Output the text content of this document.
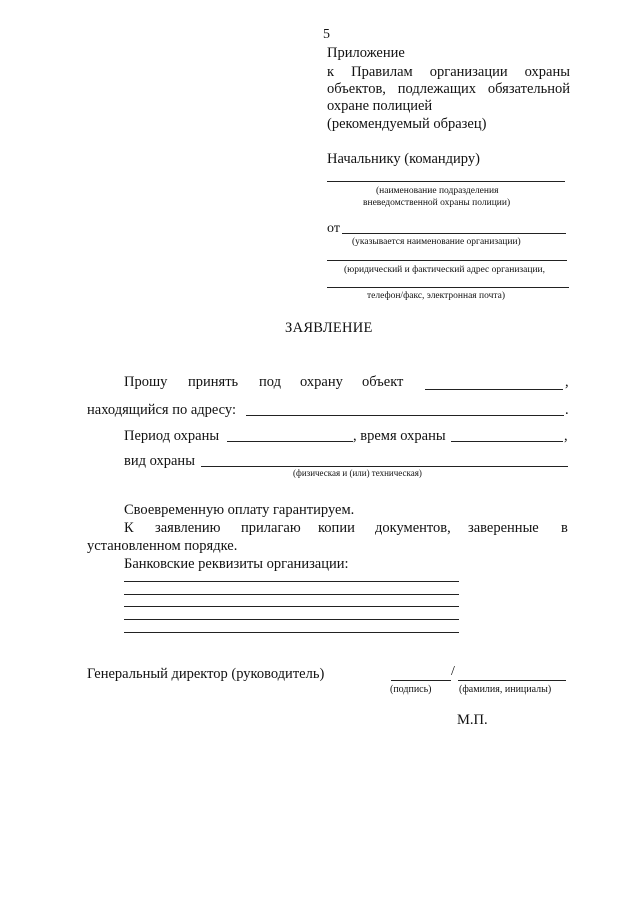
5
Приложение
к Правилам организации охраны
объектов, подлежащих обязательной
охране полицией
(рекомендуемый образец)
Начальнику (командиру)
(наименование подразделения
вневедомственной охраны полиции)
от
(указывается наименование организации)
(юридический и фактический адрес организации,
телефон/факс, электронная почта)
ЗАЯВЛЕНИЕ
Прошу принять под охрану объект	,
находящийся по адресу:	.
Период охраны	, время охраны	,
вид охраны
(физическая и (или) техническая)
Своевременную оплату гарантируем.
К заявлению прилагаю копии документов, заверенные в
установленном порядке.
Банковские реквизиты организации:
Генеральный директор (руководитель)	/
(подпись)	(фамилия, инициалы)
М.П.
